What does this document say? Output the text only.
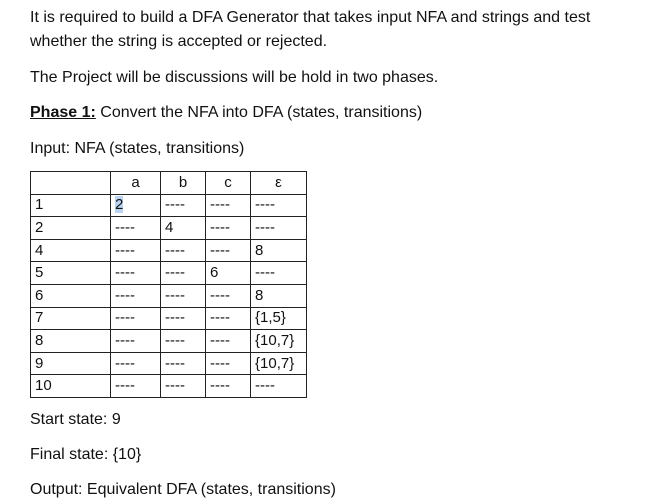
It is required to build a DFA Generator that takes input NFA and strings and test
whether the string is accepted or rejected.
The Project will be discussions will be hold in two phases.
Phase 1: Convert the NFA into DFA (states, transitions)
Input: NFA (states, transitions)
	a	b	c	ε
1	2	----	----	----
2	----	4	----	----
4	----	----	----	8
5	----	----	6	----
6	----	----	----	8
7	----	----	----	{1,5}
8	----	----	----	{10,7}
9	----	----	----	{10,7}
10	----	----	----	----
Start state: 9
Final state: {10}
Output: Equivalent DFA (states, transitions)
